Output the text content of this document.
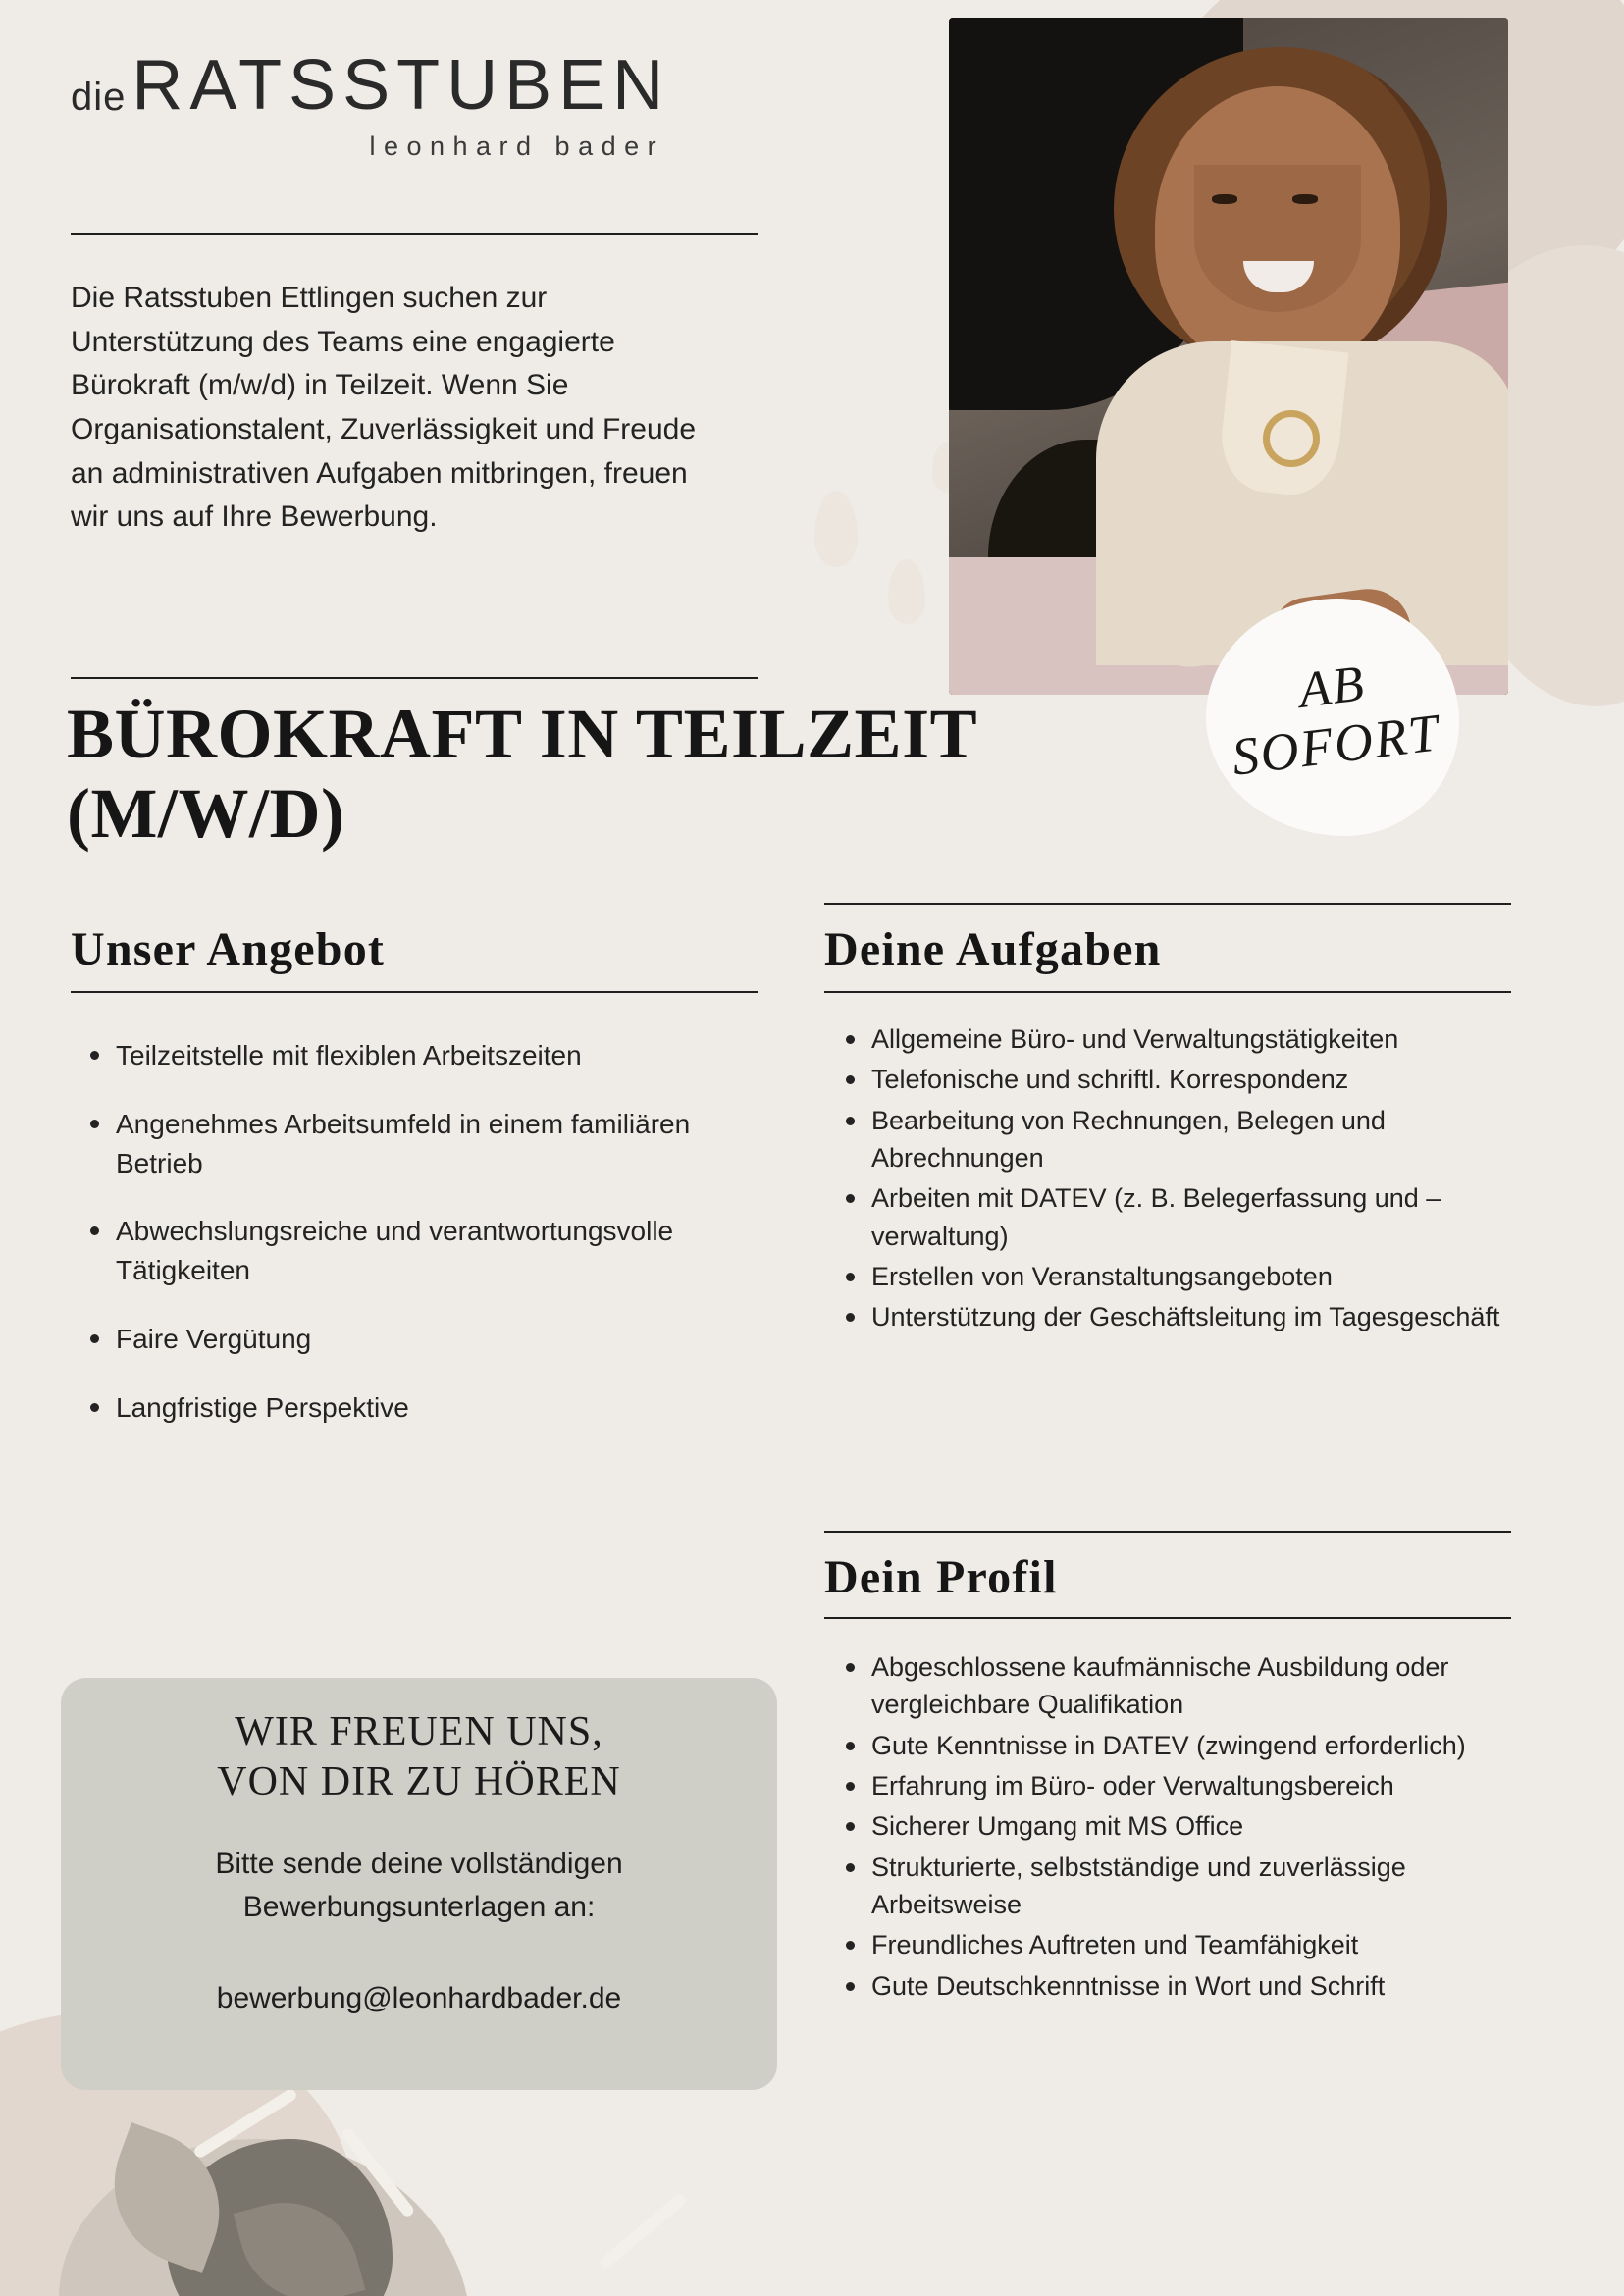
die RATSSTUBEN
leonhard bader

Die Ratsstuben Ettlingen suchen zur Unterstützung des Teams eine engagierte Bürokraft (m/w/d) in Teilzeit. Wenn Sie Organisationstalent, Zuverlässigkeit und Freude an administrativen Aufgaben mitbringen, freuen wir uns auf Ihre Bewerbung.

BÜROKRAFT IN TEILZEIT (M/W/D)
AB
SOFORT
Unser Angebot
Teilzeitstelle mit flexiblen Arbeitszeiten
Angenehmes Arbeitsumfeld in einem familiären Betrieb
Abwechslungsreiche und verantwortungsvolle Tätigkeiten
Faire Vergütung
Langfristige Perspektive
Deine Aufgaben
Allgemeine Büro- und Verwaltungstätigkeiten
Telefonische und schriftl. Korrespondenz
Bearbeitung von Rechnungen, Belegen und Abrechnungen
Arbeiten mit DATEV (z. B. Belegerfassung und –verwaltung)
Erstellen von Veranstaltungsangeboten
Unterstützung der Geschäftsleitung im Tagesgeschäft
Dein Profil
Abgeschlossene kaufmännische Ausbildung oder vergleichbare Qualifikation
Gute Kenntnisse in DATEV (zwingend erforderlich)
Erfahrung im Büro- oder Verwaltungsbereich
Sicherer Umgang mit MS Office
Strukturierte, selbstständige und zuverlässige Arbeitsweise
Freundliches Auftreten und Teamfähigkeit
Gute Deutschkenntnisse in Wort und Schrift
WIR FREUEN UNS,
VON DIR ZU HÖREN

Bitte sende deine vollständigen Bewerbungsunterlagen an:

bewerbung@leonhardbader.de
